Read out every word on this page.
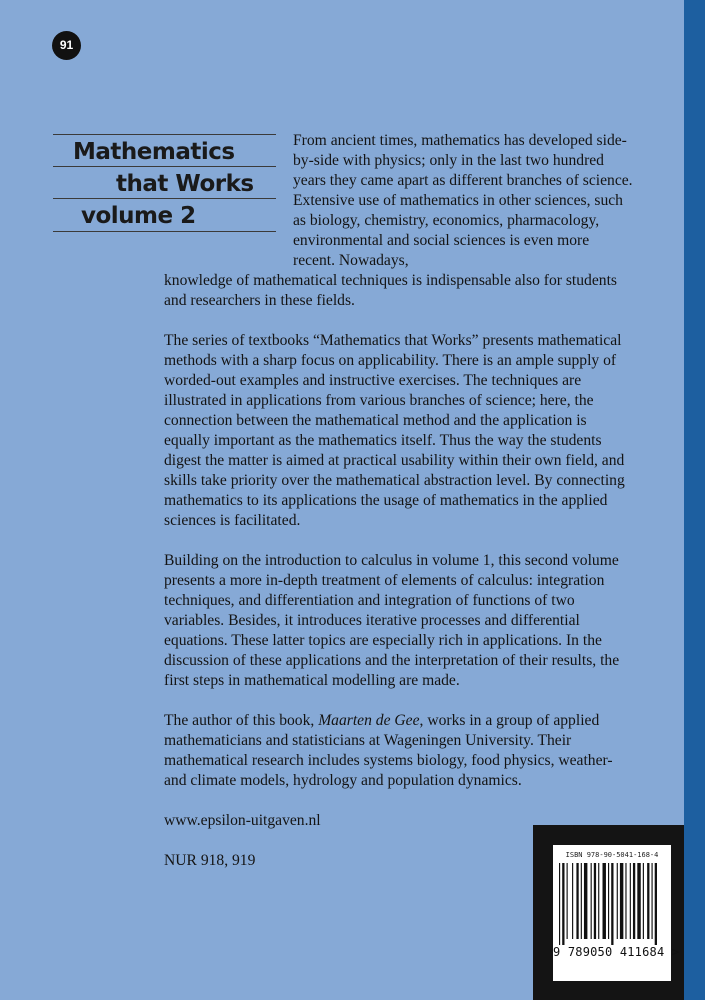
91
Mathematics
that Works
volume 2

From ancient times, mathematics has developed side-by-side with physics; only in the last two hundred years they came apart as different branches of science. Extensive use of mathematics in other sciences, such as biology, chemistry, economics, pharmacology, environmental and social sciences is even more recent. Nowadays,
knowledge of mathematical techniques is indispensable also for students and researchers in these fields.

The series of textbooks “Mathematics that Works” presents mathematical methods with a sharp focus on applicability. There is an ample supply of worded-out examples and instructive exercises. The techniques are illustrated in applications from various branches of science; here, the connection between the mathematical method and the application is equally important as the mathematics itself. Thus the way the students digest the matter is aimed at practical usability within their own field, and skills take priority over the mathematical abstraction level. By connecting mathematics to its applications the usage of mathematics in the applied sciences is facilitated.

Building on the introduction to calculus in volume 1, this second volume presents a more in-depth treatment of elements of calculus: integration techniques, and differentiation and integration of functions of two variables. Besides, it introduces iterative processes and differential equations. These latter topics are especially rich in applications. In the discussion of these applications and the interpretation of their results, the first steps in mathematical modelling are made.

The author of this book, Maarten de Gee, works in a group of applied mathematicians and statisticians at Wageningen University. Their mathematical research includes systems biology, food physics, weather- and climate models, hydrology and population dynamics.

www.epsilon-uitgaven.nl

NUR 918, 919	ISBN 978-90-5041-168-4
9 789050 411684 >
